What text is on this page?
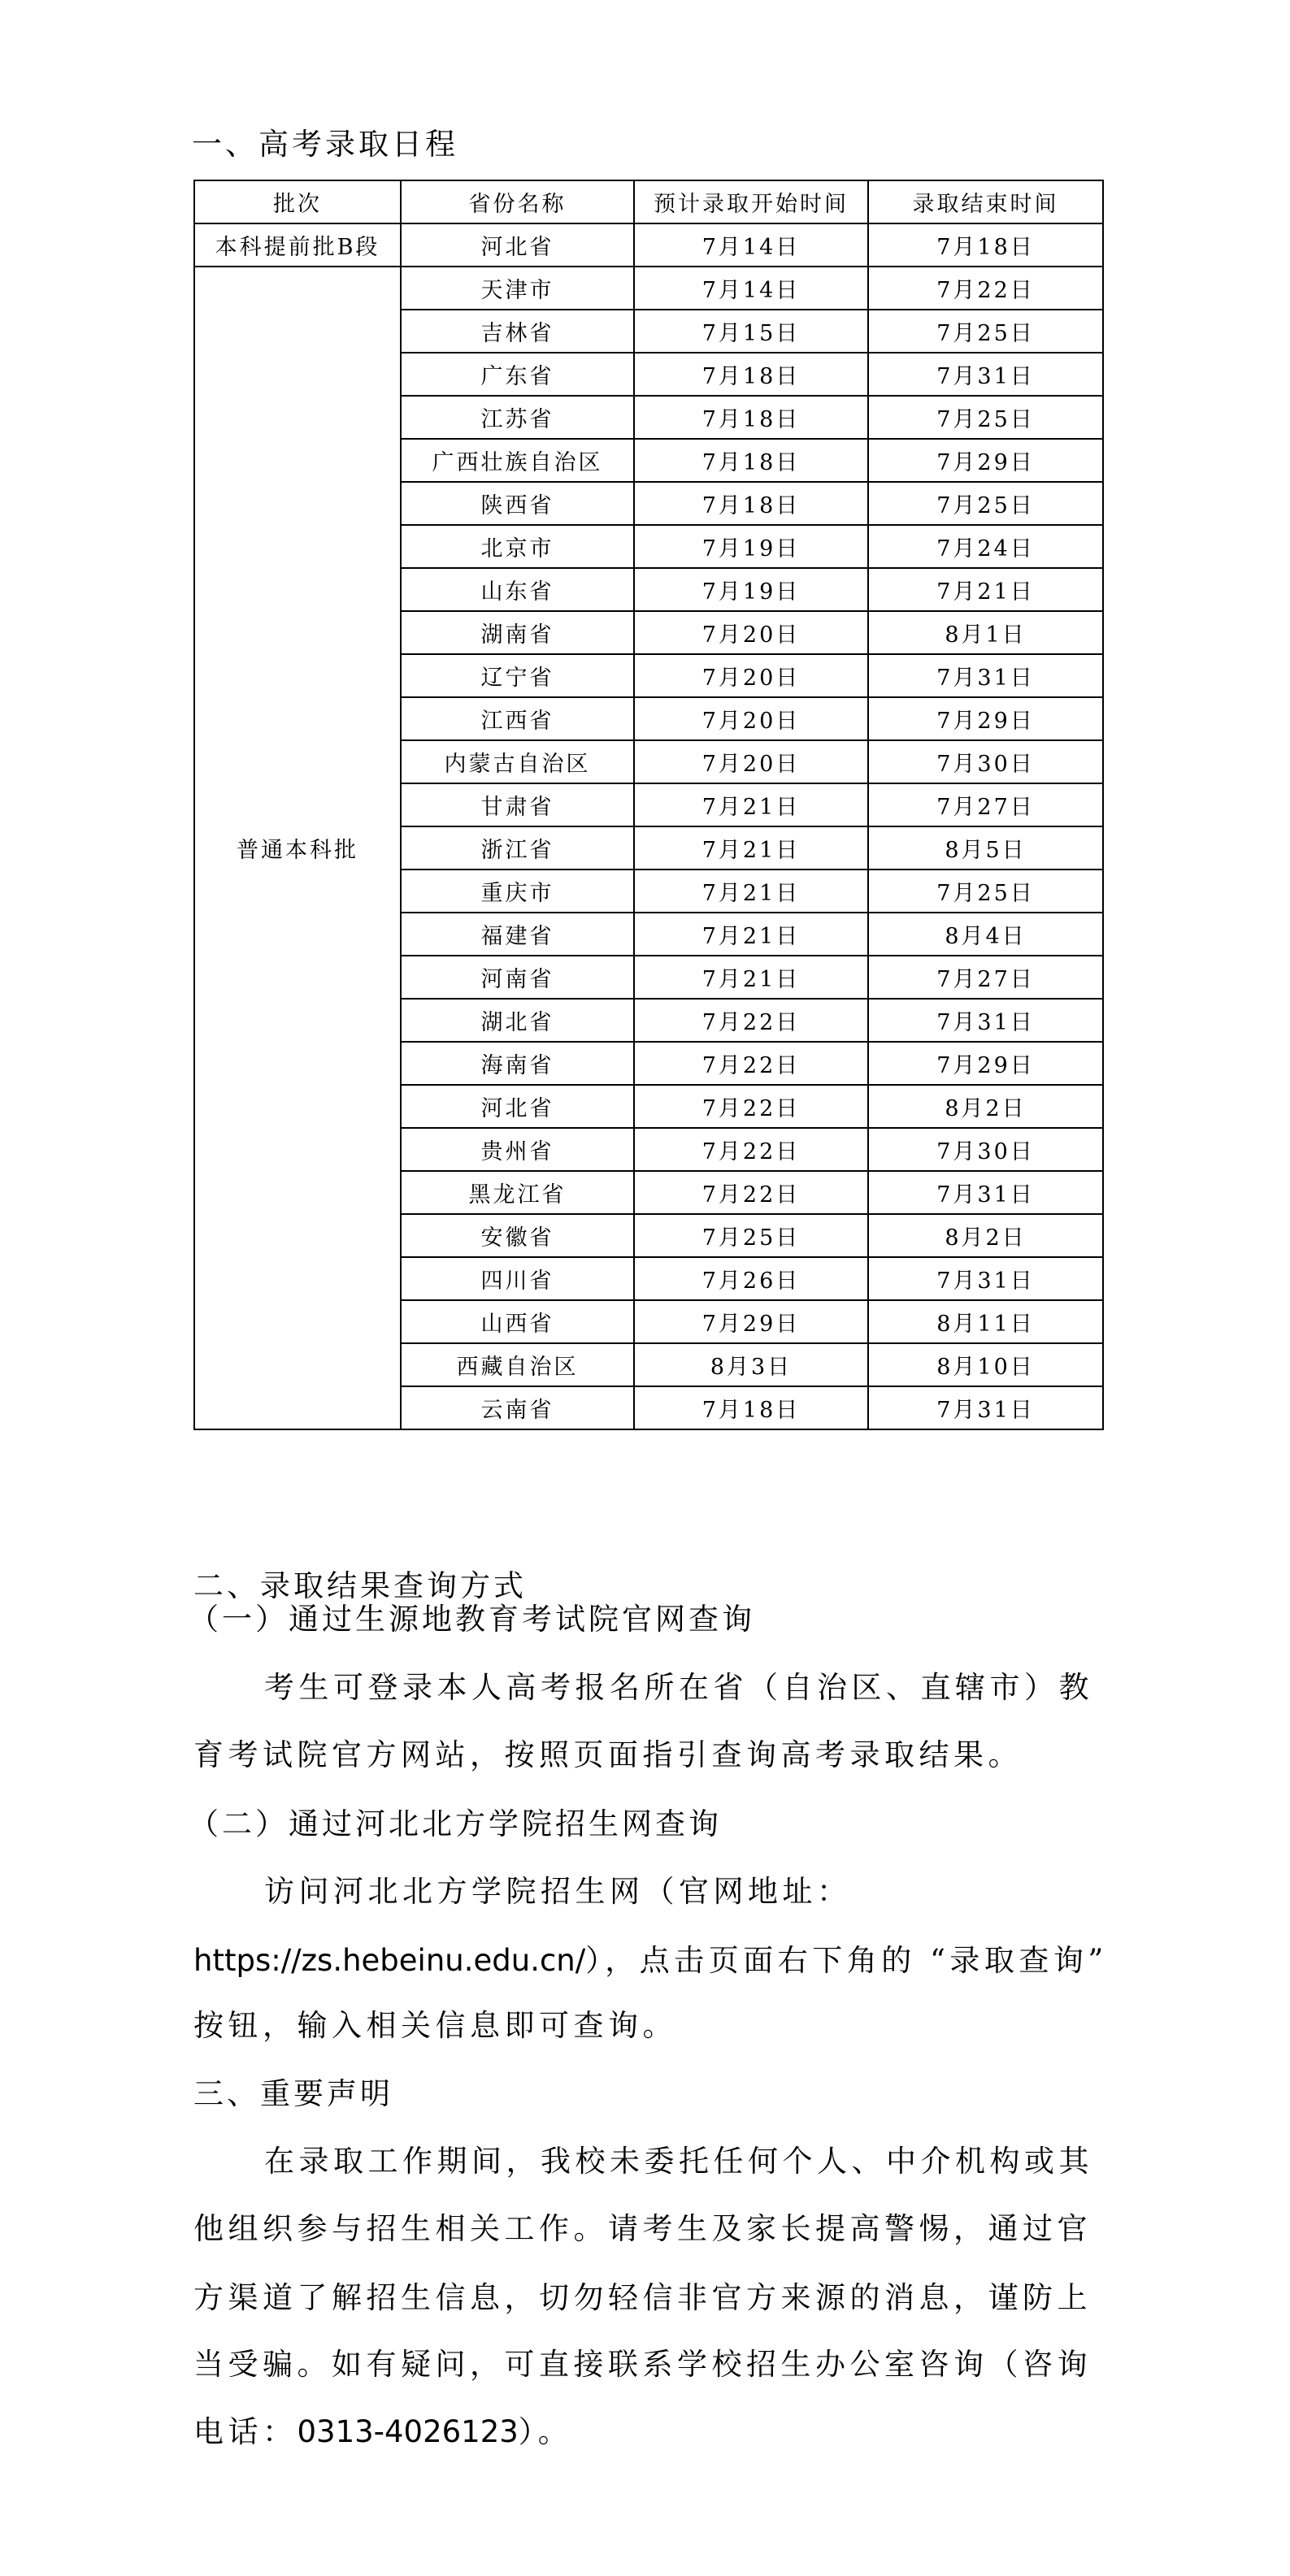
一、高考录取日程
批次	省份名称	预计录取开始时间	录取结束时间
本科提前批B段	河北省	7月14日	7月18日
普通本科批	天津市	7月14日	7月22日
	吉林省	7月15日	7月25日
	广东省	7月18日	7月31日
	江苏省	7月18日	7月25日
	广西壮族自治区	7月18日	7月29日
	陕西省	7月18日	7月25日
	北京市	7月19日	7月24日
	山东省	7月19日	7月21日
	湖南省	7月20日	8月1日
	辽宁省	7月20日	7月31日
	江西省	7月20日	7月29日
	内蒙古自治区	7月20日	7月30日
	甘肃省	7月21日	7月27日
	浙江省	7月21日	8月5日
	重庆市	7月21日	7月25日
	福建省	7月21日	8月4日
	河南省	7月21日	7月27日
	湖北省	7月22日	7月31日
	海南省	7月22日	7月29日
	河北省	7月22日	8月2日
	贵州省	7月22日	7月30日
	黑龙江省	7月22日	7月31日
	安徽省	7月25日	8月2日
	四川省	7月26日	7月31日
	山西省	7月29日	8月11日
	西藏自治区	8月3日	8月10日
	云南省	7月18日	7月31日
二、录取结果查询方式
（一）通过生源地教育考试院官网查询
考生可登录本人高考报名所在省（自治区、直辖市）教
育考试院官方网站，按照页面指引查询高考录取结果。
（二）通过河北北方学院招生网查询
访问河北北方学院招生网（官网地址：
https://zs.hebeinu.edu.cn/），点击页面右下角的 “录取查询”
按钮，输入相关信息即可查询。
三、重要声明
在录取工作期间，我校未委托任何个人、中介机构或其
他组织参与招生相关工作。请考生及家长提高警惕，通过官
方渠道了解招生信息，切勿轻信非官方来源的消息，谨防上
当受骗。如有疑问，可直接联系学校招生办公室咨询（咨询
电话：0313-4026123）。
